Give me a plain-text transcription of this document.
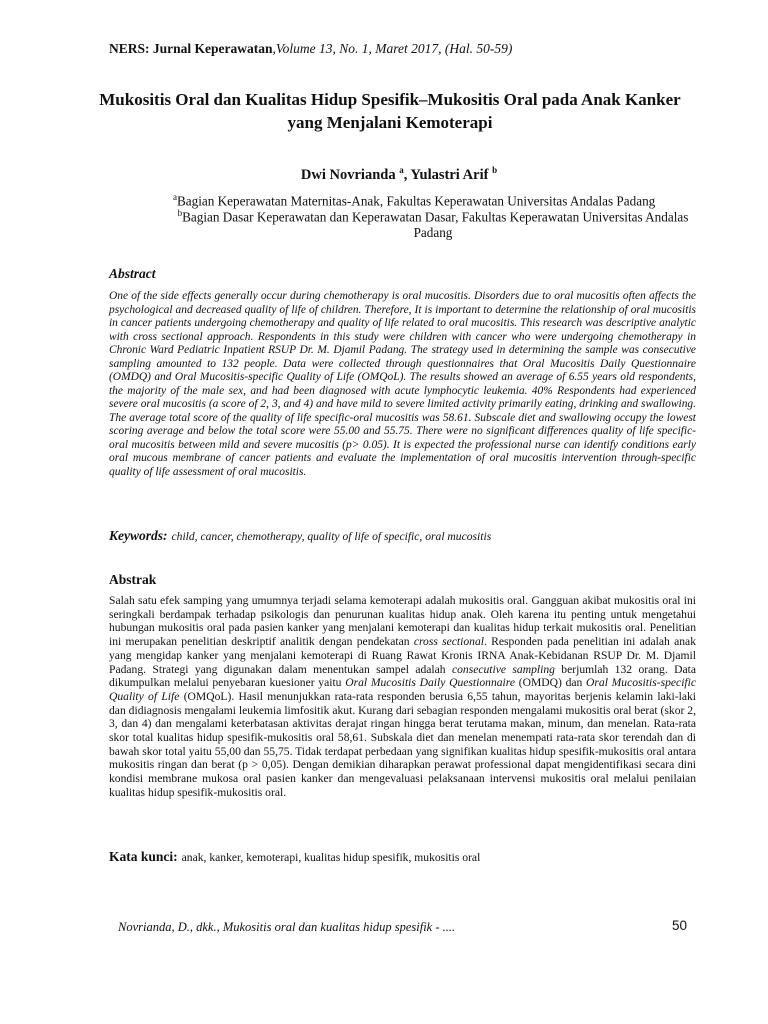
NERS: Jurnal Keperawatan,Volume 13, No. 1, Maret 2017, (Hal. 50-59)
Mukositis Oral dan Kualitas Hidup Spesifik–Mukositis Oral pada Anak Kanker yang Menjalani Kemoterapi
Dwi Novrianda $^a$, Yulastri Arif $^b$
$^a$Bagian Keperawatan Maternitas-Anak, Fakultas Keperawatan Universitas Andalas Padang
$^b$Bagian Dasar Keperawatan dan Keperawatan Dasar, Fakultas Keperawatan Universitas Andalas Padang
Abstract
One of the side effects generally occur during chemotherapy is oral mucositis. Disorders due to oral mucositis often affects the psychological and decreased quality of life of children. Therefore, It is important to determine the relationship of oral mucositis in cancer patients undergoing chemotherapy and quality of life related to oral mucositis. This research was descriptive analytic with cross sectional approach. Respondents in this study were children with cancer who were undergoing chemotherapy in Chronic Ward Pediatric Inpatient RSUP Dr. M. Djamil Padang. The strategy used in determining the sample was consecutive sampling amounted to 132 people. Data were collected through questionnaires that Oral Mucositis Daily Questionnaire (OMDQ) and Oral Mucositis-specific Quality of Life (OMQoL). The results showed an average of 6.55 years old respondents, the majority of the male sex, and had been diagnosed with acute lymphocytic leukemia. 40% Respondents had experienced severe oral mucositis (a score of 2, 3, and 4) and have mild to severe limited activity primarily eating, drinking and swallowing. The average total score of the quality of life specific-oral mucositis was 58.61. Subscale diet and swallowing occupy the lowest scoring average and below the total score were 55.00 and 55.75. There were no significant differences quality of life specific-oral mucositis between mild and severe mucositis (p> 0.05). It is expected the professional nurse can identify conditions early oral mucous membrane of cancer patients and evaluate the implementation of oral mucositis intervention through-specific quality of life assessment of oral mucositis.
Keywords: child, cancer, chemotherapy, quality of life of specific, oral mucositis
Abstrak
Salah satu efek samping yang umumnya terjadi selama kemoterapi adalah mukositis oral. Gangguan akibat mukositis oral ini seringkali berdampak terhadap psikologis dan penurunan kualitas hidup anak. Oleh karena itu penting untuk mengetahui hubungan mukositis oral pada pasien kanker yang menjalani kemoterapi dan kualitas hidup terkait mukositis oral. Penelitian ini merupakan penelitian deskriptif analitik dengan pendekatan cross sectional. Responden pada penelitian ini adalah anak yang mengidap kanker yang menjalani kemoterapi di Ruang Rawat Kronis IRNA Anak-Kebidanan RSUP Dr. M. Djamil Padang. Strategi yang digunakan dalam menentukan sampel adalah consecutive sampling berjumlah 132 orang. Data dikumpulkan melalui penyebaran kuesioner yaitu Oral Mucositis Daily Questionnaire (OMDQ) dan Oral Mucositis-specific Quality of Life (OMQoL). Hasil menunjukkan rata-rata responden berusia 6,55 tahun, mayoritas berjenis kelamin laki-laki dan didiagnosis mengalami leukemia limfositik akut. Kurang dari sebagian responden mengalami mukositis oral berat (skor 2, 3, dan 4) dan mengalami keterbatasan aktivitas derajat ringan hingga berat terutama makan, minum, dan menelan. Rata-rata skor total kualitas hidup spesifik-mukositis oral 58,61. Subskala diet dan menelan menempati rata-rata skor terendah dan di bawah skor total yaitu 55,00 dan 55,75. Tidak terdapat perbedaan yang signifikan kualitas hidup spesifik-mukositis oral antara mukositis ringan dan berat (p > 0,05). Dengan demikian diharapkan perawat professional dapat mengidentifikasi secara dini kondisi membrane mukosa oral pasien kanker dan mengevaluasi pelaksanaan intervensi mukositis oral melalui penilaian kualitas hidup spesifik-mukositis oral.
Kata kunci: anak, kanker, kemoterapi, kualitas hidup spesifik, mukositis oral
Novrianda, D., dkk., Mukositis oral dan kualitas hidup spesifik - ....	50
